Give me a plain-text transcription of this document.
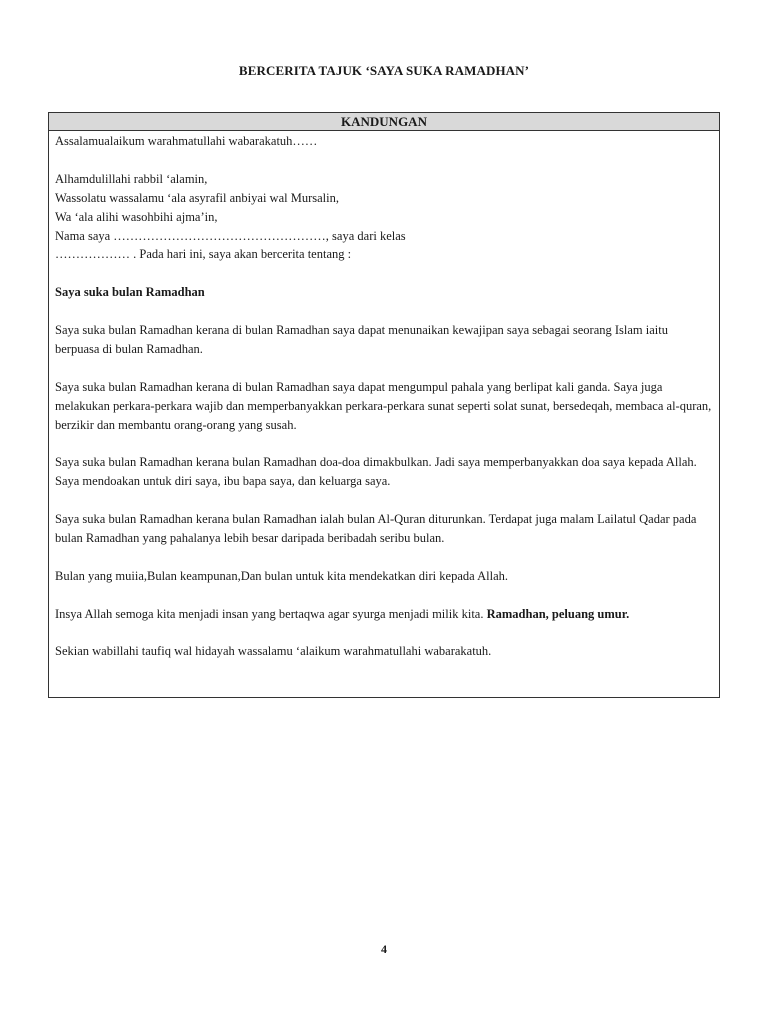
BERCERITA TAJUK ‘SAYA SUKA RAMADHAN’
KANDUNGAN

Assalamualaikum warahmatullahi wabarakatuh……

Alhamdulillahi rabbil ‘alamin,

Wassolatu wassalamu ‘ala asyrafil anbiyai wal Mursalin,

Wa ‘ala alihi wasohbihi ajma’in,

Nama saya ……………………………………………, saya dari kelas

……………… . Pada hari ini, saya akan bercerita tentang :

Saya suka bulan Ramadhan

Saya suka bulan Ramadhan kerana di bulan Ramadhan saya dapat menunaikan kewajipan saya sebagai seorang Islam iaitu berpuasa di bulan Ramadhan.

Saya suka bulan Ramadhan kerana di bulan Ramadhan saya dapat mengumpul pahala yang berlipat kali ganda. Saya juga melakukan perkara-perkara wajib dan memperbanyakkan perkara-perkara sunat seperti solat sunat, bersedeqah, membaca al-quran, berzikir dan membantu orang-orang yang susah.

Saya suka bulan Ramadhan kerana bulan Ramadhan doa-doa dimakbulkan. Jadi saya memperbanyakkan doa saya kepada Allah. Saya mendoakan untuk diri saya, ibu bapa saya, dan keluarga saya.

Saya suka bulan Ramadhan kerana bulan Ramadhan ialah bulan Al-Quran diturunkan. Terdapat juga malam Lailatul Qadar pada bulan Ramadhan yang pahalanya lebih besar daripada beribadah seribu bulan.

Bulan yang muiia,Bulan keampunan,Dan bulan untuk kita mendekatkan diri kepada Allah.

Insya Allah semoga kita menjadi insan yang bertaqwa agar syurga menjadi milik kita. Ramadhan, peluang umur.

Sekian wabillahi taufiq wal hidayah wassalamu ‘alaikum warahmatullahi wabarakatuh.

4
